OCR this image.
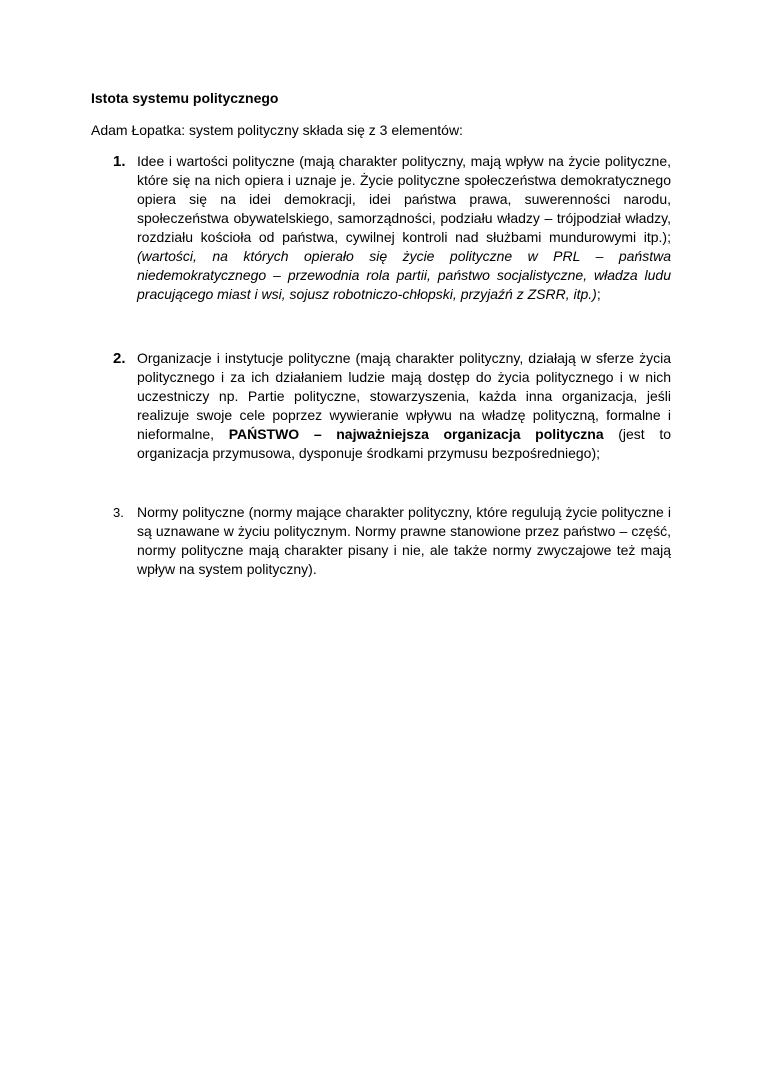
Istota systemu politycznego

Adam Łopatka: system polityczny składa się z 3 elementów:

1. Idee i wartości polityczne (mają charakter polityczny, mają wpływ na życie polityczne, które się na nich opiera i uznaje je. Życie polityczne społeczeństwa demokratycznego opiera się na idei demokracji, idei państwa prawa, suwerenności narodu, społeczeństwa obywatelskiego, samorządności, podziału władzy – trójpodział władzy, rozdziału kościoła od państwa, cywilnej kontroli nad służbami mundurowymi itp.); (wartości, na których opierało się życie polityczne w PRL – państwa niedemokratycznego – przewodnia rola partii, państwo socjalistyczne, władza ludu pracującego miast i wsi, sojusz robotniczo-chłopski, przyjaźń z ZSRR, itp.);
2. Organizacje i instytucje polityczne (mają charakter polityczny, działają w sferze życia politycznego i za ich działaniem ludzie mają dostęp do życia politycznego i w nich uczestniczy np. Partie polityczne, stowarzyszenia, każda inna organizacja, jeśli realizuje swoje cele poprzez wywieranie wpływu na władzę polityczną, formalne i nieformalne, PAŃSTWO – najważniejsza organizacja polityczna (jest to organizacja przymusowa, dysponuje środkami przymusu bezpośredniego);
3. Normy polityczne (normy mające charakter polityczny, które regulują życie polityczne i są uznawane w życiu politycznym. Normy prawne stanowione przez państwo – część, normy polityczne mają charakter pisany i nie, ale także normy zwyczajowe też mają wpływ na system polityczny).
